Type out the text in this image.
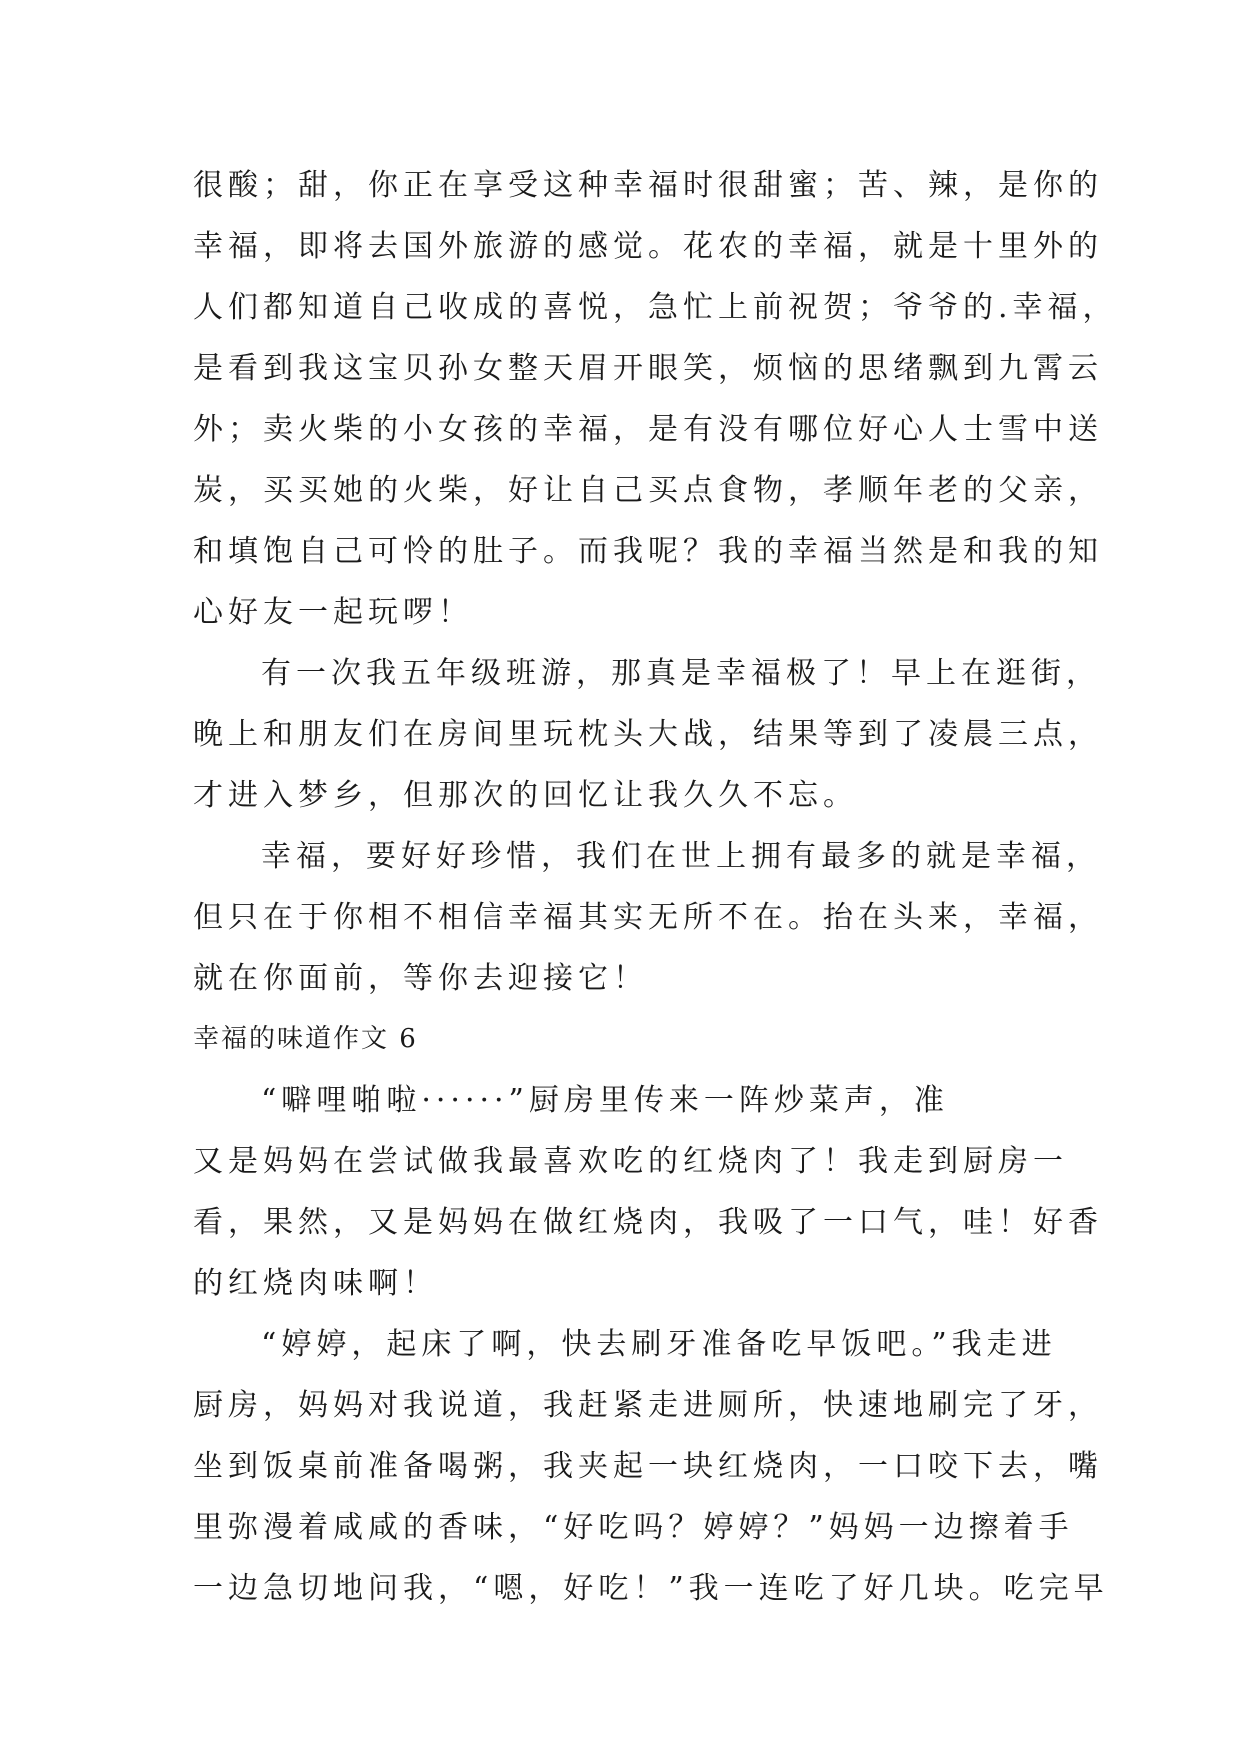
很酸；甜，你正在享受这种幸福时很甜蜜；苦、辣，是你的
幸福，即将去国外旅游的感觉。花农的幸福，就是十里外的
人们都知道自己收成的喜悦，急忙上前祝贺；爷爷的.幸福，
是看到我这宝贝孙女整天眉开眼笑，烦恼的思绪飘到九霄云
外；卖火柴的小女孩的幸福，是有没有哪位好心人士雪中送
炭，买买她的火柴，好让自己买点食物，孝顺年老的父亲，
和填饱自己可怜的肚子。而我呢？我的幸福当然是和我的知
心好友一起玩啰！
有一次我五年级班游，那真是幸福极了！早上在逛街，
晚上和朋友们在房间里玩枕头大战，结果等到了凌晨三点，
才进入梦乡，但那次的回忆让我久久不忘。
幸福，要好好珍惜，我们在世上拥有最多的就是幸福，
但只在于你相不相信幸福其实无所不在。抬在头来，幸福，
就在你面前，等你去迎接它！
幸福的味道作文 6
“噼哩啪啦······”厨房里传来一阵炒菜声，准
又是妈妈在尝试做我最喜欢吃的红烧肉了！我走到厨房一
看，果然，又是妈妈在做红烧肉，我吸了一口气，哇！好香
的红烧肉味啊！
“婷婷，起床了啊，快去刷牙准备吃早饭吧。”我走进
厨房，妈妈对我说道，我赶紧走进厕所，快速地刷完了牙，
坐到饭桌前准备喝粥，我夹起一块红烧肉，一口咬下去，嘴
里弥漫着咸咸的香味，“好吃吗？婷婷？”妈妈一边擦着手
一边急切地问我，“嗯，好吃！”我一连吃了好几块。吃完早
